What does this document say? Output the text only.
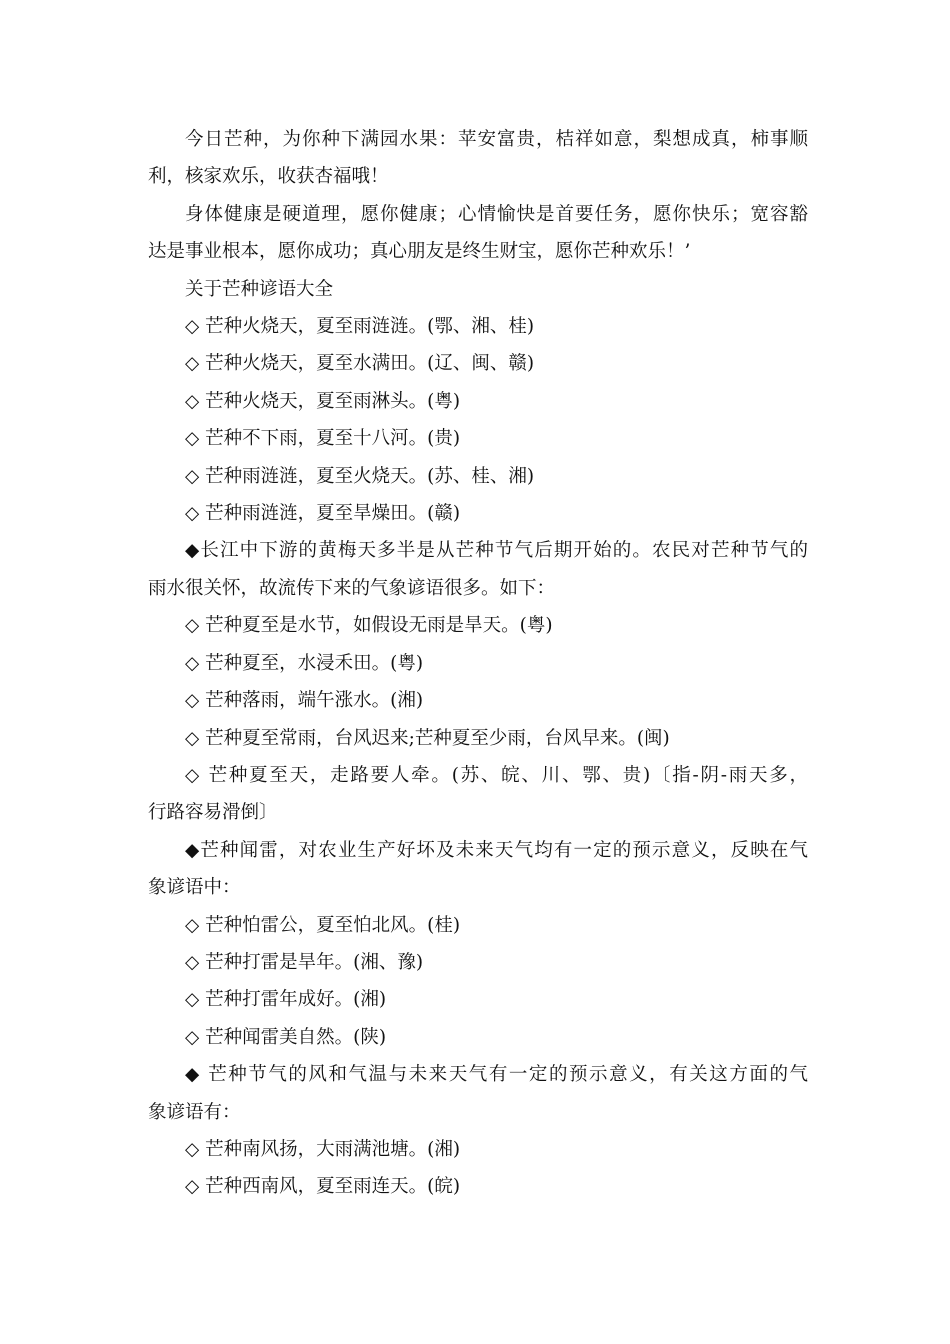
今日芒种，为你种下满园水果：苹安富贵，桔祥如意，梨想成真，柿事顺
利，核家欢乐，收获杏福哦！
身体健康是硬道理，愿你健康；心情愉快是首要任务，愿你快乐；宽容豁
达是事业根本，愿你成功；真心朋友是终生财宝，愿你芒种欢乐！’
关于芒种谚语大全
◇ 芒种火烧天，夏至雨涟涟。(鄂、湘、桂)
◇ 芒种火烧天，夏至水满田。(辽、闽、赣)
◇ 芒种火烧天，夏至雨淋头。(粤)
◇ 芒种不下雨，夏至十八河。(贵)
◇ 芒种雨涟涟，夏至火烧天。(苏、桂、湘)
◇ 芒种雨涟涟，夏至旱燥田。(赣)
◆长江中下游的黄梅天多半是从芒种节气后期开始的。农民对芒种节气的
雨水很关怀，故流传下来的气象谚语很多。如下：
◇ 芒种夏至是水节，如假设无雨是旱天。(粤)
◇ 芒种夏至，水浸禾田。(粤)
◇ 芒种落雨，端午涨水。(湘)
◇ 芒种夏至常雨，台风迟来;芒种夏至少雨，台风早来。(闽)
◇ 芒种夏至天，走路要人牵。(苏、皖、川、鄂、贵)〔指-阴-雨天多，
行路容易滑倒〕
◆芒种闻雷，对农业生产好坏及未来天气均有一定的预示意义，反映在气
象谚语中：
◇ 芒种怕雷公，夏至怕北风。(桂)
◇ 芒种打雷是旱年。(湘、豫)
◇ 芒种打雷年成好。(湘)
◇ 芒种闻雷美自然。(陕)
◆ 芒种节气的风和气温与未来天气有一定的预示意义，有关这方面的气
象谚语有：
◇ 芒种南风扬，大雨满池塘。(湘)
◇ 芒种西南风，夏至雨连天。(皖)
